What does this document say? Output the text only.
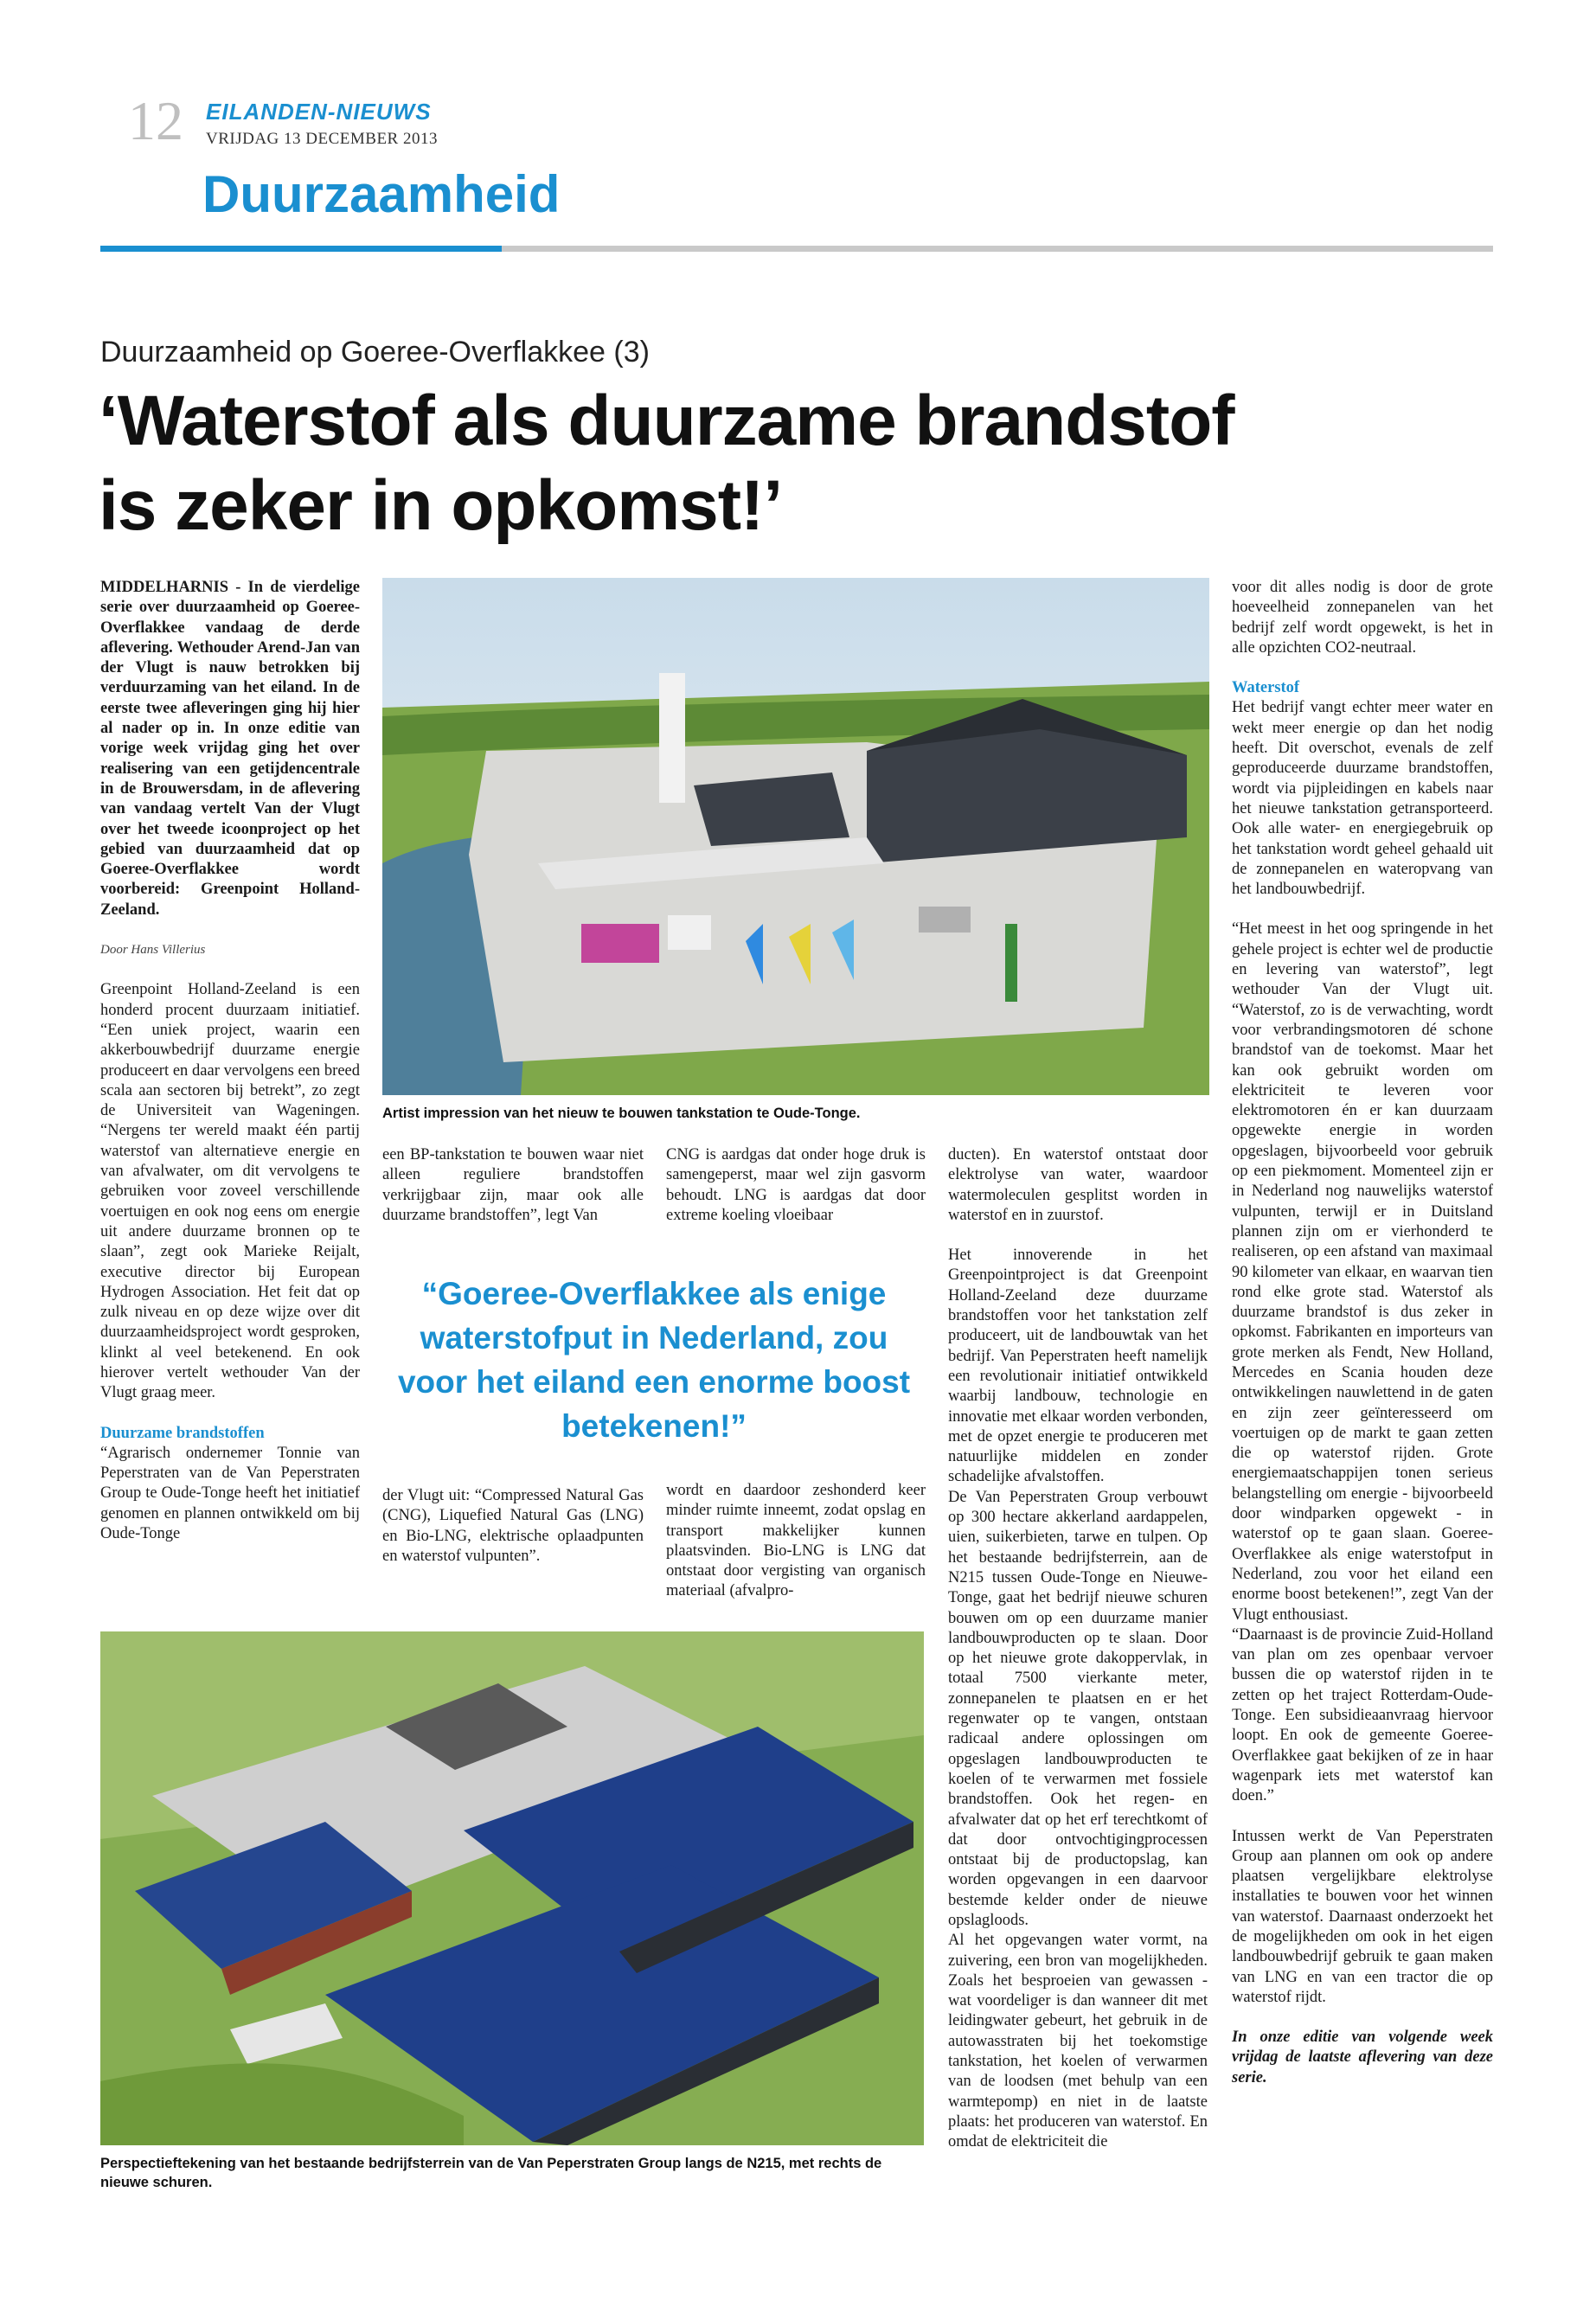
12 EILANDEN-NIEUWS
VRIJDAG 13 DECEMBER 2013
Duurzaamheid
Duurzaamheid op Goeree-Overflakkee (3)
‘Waterstof als duurzame brandstof
is zeker in opkomst!’

MIDDELHARNIS - In de vierdelige serie over duurzaamheid op Goeree-Overflakkee vandaag de derde aflevering. Wethouder Arend-Jan van der Vlugt is nauw betrokken bij verduurzaming van het eiland. In de eerste twee afleveringen ging hij hier al nader op in. In onze editie van vorige week vrijdag ging het over realisering van een getijdencentrale in de Brouwersdam, in de aflevering van vandaag vertelt Van der Vlugt over het tweede icoonproject op het gebied van duurzaamheid dat op Goeree-Overflakkee wordt voorbereid: Greenpoint Holland-Zeeland.

Door Hans Villerius

Greenpoint Holland-Zeeland is een honderd procent duurzaam initiatief. “Een uniek project, waarin een akkerbouwbedrijf duurzame energie produceert en daar vervolgens een breed scala aan sectoren bij betrekt”, zo zegt de Universiteit van Wageningen. “Nergens ter wereld maakt één partij waterstof van alternatieve energie en van afvalwater, om dit vervolgens te gebruiken voor zoveel verschillende voertuigen en ook nog eens om energie uit andere duurzame bronnen op te slaan”, zegt ook Marieke Reijalt, executive director bij European Hydrogen Association. Het feit dat op zulk niveau en op deze wijze over dit duurzaamheidsproject wordt gesproken, klinkt al veel betekenend. En ook hierover vertelt wethouder Van der Vlugt graag meer.

Duurzame brandstoffen

“Agrarisch ondernemer Tonnie van Peperstraten van de Van Peperstraten Group te Oude-Tonge heeft het initiatief genomen en plannen ontwikkeld om bij Oude-Tonge

Artist impression van het nieuw te bouwen tankstation te Oude-Tonge.

een BP-tankstation te bouwen waar niet alleen reguliere brandstoffen verkrijgbaar zijn, maar ook alle duurzame brandstoffen”, legt Van

CNG is aardgas dat onder hoge druk is samengeperst, maar wel zijn gasvorm behoudt. LNG is aardgas dat door extreme koeling vloeibaar

“Goeree-Overflakkee als enige waterstofput in Nederland, zou voor het eiland een enorme boost betekenen!”

der Vlugt uit: “Compressed Natural Gas (CNG), Liquefied Natural Gas (LNG) en Bio-LNG, elektrische oplaadpunten en waterstof vulpunten”.

wordt en daardoor zeshonderd keer minder ruimte inneemt, zodat opslag en transport makkelijker kunnen plaatsvinden. Bio-LNG is LNG dat ontstaat door vergisting van organisch materiaal (afvalpro-

Perspectieftekening van het bestaande bedrijfsterrein van de Van Peperstraten Group langs de N215, met rechts de nieuwe schuren.

ducten). En waterstof ontstaat door elektrolyse van water, waardoor watermoleculen gesplitst worden in waterstof en in zuurstof.

Het innoverende in het Greenpointproject is dat Greenpoint Holland-Zeeland deze duurzame brandstoffen voor het tankstation zelf produceert, uit de landbouwtak van het bedrijf. Van Peperstraten heeft namelijk een revolutionair initiatief ontwikkeld waarbij landbouw, technologie en innovatie met elkaar worden verbonden, met de opzet energie te produceren met natuurlijke middelen en zonder schadelijke afvalstoffen.

De Van Peperstraten Group verbouwt op 300 hectare akkerland aardappelen, uien, suikerbieten, tarwe en tulpen. Op het bestaande bedrijfsterrein, aan de N215 tussen Oude-Tonge en Nieuwe-Tonge, gaat het bedrijf nieuwe schuren bouwen om op een duurzame manier landbouwproducten op te slaan. Door op het nieuwe grote dakoppervlak, in totaal 7500 vierkante meter, zonnepanelen te plaatsen en er het regenwater op te vangen, ontstaan radicaal andere oplossingen om opgeslagen landbouwproducten te koelen of te verwarmen met fossiele brandstoffen. Ook het regen- en afvalwater dat op het erf terechtkomt of dat door ontvochtigingprocessen ontstaat bij de productopslag, kan worden opgevangen in een daarvoor bestemde kelder onder de nieuwe opslagloods.

Al het opgevangen water vormt, na zuivering, een bron van mogelijkheden. Zoals het besproeien van gewassen - wat voordeliger is dan wanneer dit met leidingwater gebeurt, het gebruik in de autowasstraten bij het toekomstige tankstation, het koelen of verwarmen van de loodsen (met behulp van een warmtepomp) en niet in de laatste plaats: het produceren van waterstof. En omdat de elektriciteit die

voor dit alles nodig is door de grote hoeveelheid zonnepanelen van het bedrijf zelf wordt opgewekt, is het in alle opzichten CO2-neutraal.

Waterstof

Het bedrijf vangt echter meer water en wekt meer energie op dan het nodig heeft. Dit overschot, evenals de zelf geproduceerde duurzame brandstoffen, wordt via pijpleidingen en kabels naar het nieuwe tankstation getransporteerd. Ook alle water- en energiegebruik op het tankstation wordt geheel gehaald uit de zonnepanelen en wateropvang van het landbouwbedrijf.

“Het meest in het oog springende in het gehele project is echter wel de productie en levering van waterstof”, legt wethouder Van der Vlugt uit. “Waterstof, zo is de verwachting, wordt voor verbrandingsmotoren dé schone brandstof van de toekomst. Maar het kan ook gebruikt worden om elektriciteit te leveren voor elektromotoren én er kan duurzaam opgewekte energie in worden opgeslagen, bijvoorbeeld voor gebruik op een piekmoment. Momenteel zijn er in Nederland nog nauwelijks waterstof vulpunten, terwijl er in Duitsland plannen zijn om er vierhonderd te realiseren, op een afstand van maximaal 90 kilometer van elkaar, en waarvan tien rond elke grote stad. Waterstof als duurzame brandstof is dus zeker in opkomst. Fabrikanten en importeurs van grote merken als Fendt, New Holland, Mercedes en Scania houden deze ontwikkelingen nauwlettend in de gaten en zijn zeer geïnteresseerd om voertuigen op de markt te gaan zetten die op waterstof rijden. Grote energiemaatschappijen tonen serieus belangstelling om energie - bijvoorbeeld door windparken opgewekt - in waterstof op te gaan slaan. Goeree-Overflakkee als enige waterstofput in Nederland, zou voor het eiland een enorme boost betekenen!”, zegt Van der Vlugt enthousiast.

“Daarnaast is de provincie Zuid-Holland van plan om zes openbaar vervoer bussen die op waterstof rijden in te zetten op het traject Rotterdam-Oude-Tonge. Een subsidieaanvraag hiervoor loopt. En ook de gemeente Goeree-Overflakkee gaat bekijken of ze in haar wagenpark iets met waterstof kan doen.”

Intussen werkt de Van Peperstraten Group aan plannen om ook op andere plaatsen vergelijkbare elektrolyse installaties te bouwen voor het winnen van waterstof. Daarnaast onderzoekt het de mogelijkheden om ook in het eigen landbouwbedrijf gebruik te gaan maken van LNG en van een tractor die op waterstof rijdt.

In onze editie van volgende week vrijdag de laatste aflevering van deze serie.
